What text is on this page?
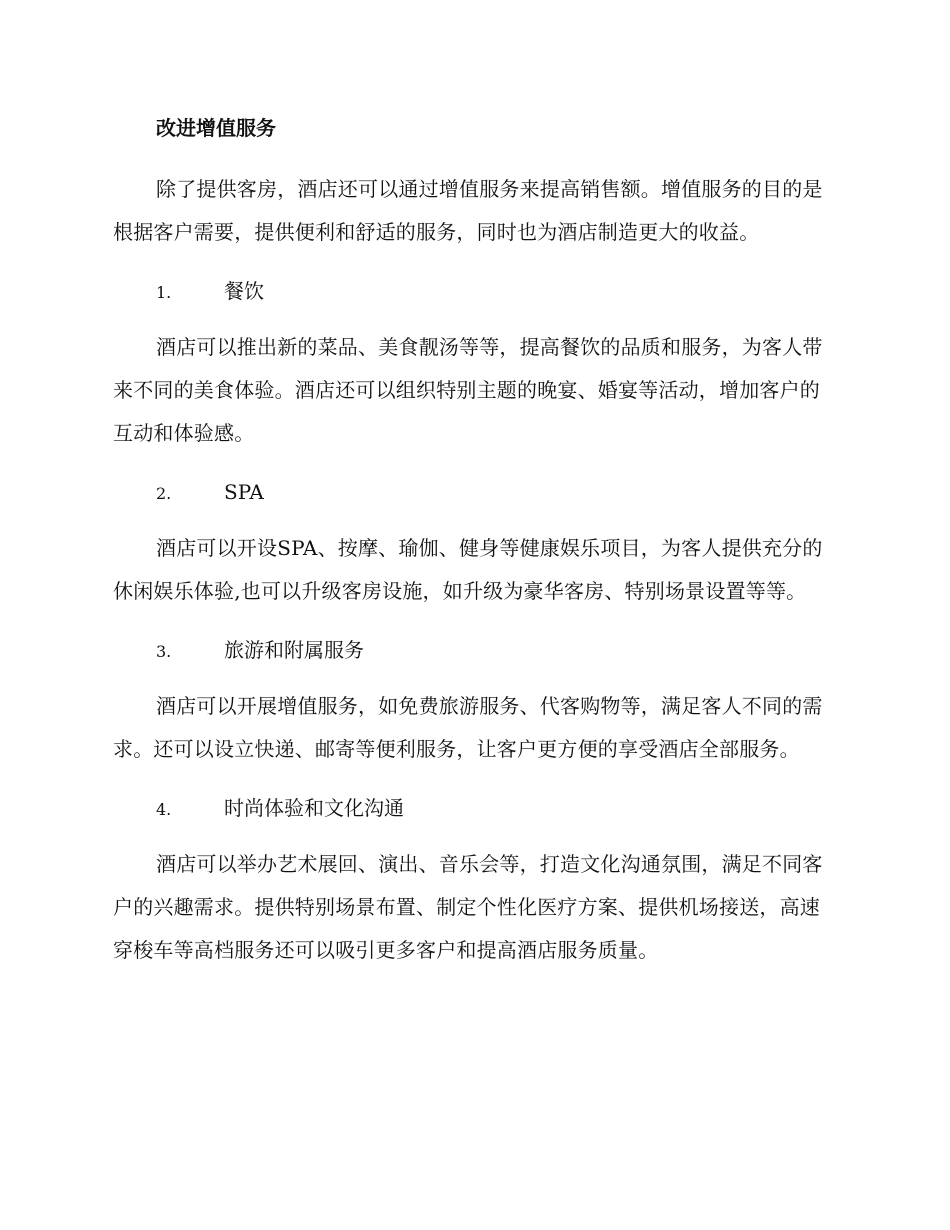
改进增值服务

除了提供客房，酒店还可以通过增值服务来提高销售额。增值服务的目的是根据客户需要，提供便利和舒适的服务，同时也为酒店制造更大的收益。

1.	餐饮

酒店可以推出新的菜品、美食靓汤等等，提高餐饮的品质和服务，为客人带来不同的美食体验。酒店还可以组织特别主题的晚宴、婚宴等活动，增加客户的互动和体验感。

2.	SPA

酒店可以开设SPA、按摩、瑜伽、健身等健康娱乐项目，为客人提供充分的休闲娱乐体验,也可以升级客房设施，如升级为豪华客房、特别场景设置等等。

3.	旅游和附属服务

酒店可以开展增值服务，如免费旅游服务、代客购物等，满足客人不同的需求。还可以设立快递、邮寄等便利服务，让客户更方便的享受酒店全部服务。

4.	时尚体验和文化沟通

酒店可以举办艺术展回、演出、音乐会等，打造文化沟通氛围，满足不同客户的兴趣需求。提供特别场景布置、制定个性化医疗方案、提供机场接送，高速穿梭车等高档服务还可以吸引更多客户和提高酒店服务质量。
